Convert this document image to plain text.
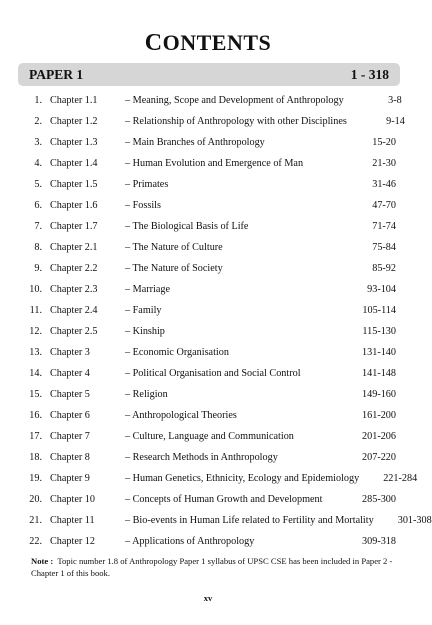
CONTENTS
PAPER 1	1 - 318
1. Chapter 1.1	– Meaning, Scope and Development of Anthropology	3-8
2. Chapter 1.2	– Relationship of Anthropology with other Disciplines	9-14
3. Chapter 1.3	– Main Branches of Anthropology	15-20
4. Chapter 1.4	– Human Evolution and Emergence of Man	21-30
5. Chapter 1.5	– Primates	31-46
6. Chapter 1.6	– Fossils	47-70
7. Chapter 1.7	– The Biological Basis of Life	71-74
8. Chapter 2.1	– The Nature of Culture	75-84
9. Chapter 2.2	– The Nature of Society	85-92
10. Chapter 2.3	– Marriage	93-104
11. Chapter 2.4	– Family	105-114
12. Chapter 2.5	– Kinship	115-130
13. Chapter 3	– Economic Organisation	131-140
14. Chapter 4	– Political Organisation and Social Control	141-148
15. Chapter 5	– Religion	149-160
16. Chapter 6	– Anthropological Theories	161-200
17. Chapter 7	– Culture, Language and Communication	201-206
18. Chapter 8	– Research Methods in Anthropology	207-220
19. Chapter 9	– Human Genetics, Ethnicity, Ecology and Epidemiology	221-284
20. Chapter 10	– Concepts of Human Growth and Development	285-300
21. Chapter 11	– Bio-events in Human Life related to Fertility and Mortality	301-308
22. Chapter 12	– Applications of Anthropology	309-318
Note : Topic number 1.8 of Anthropology Paper 1 syllabus of UPSC CSE has been included in Paper 2 - Chapter 1 of this book.
xv
